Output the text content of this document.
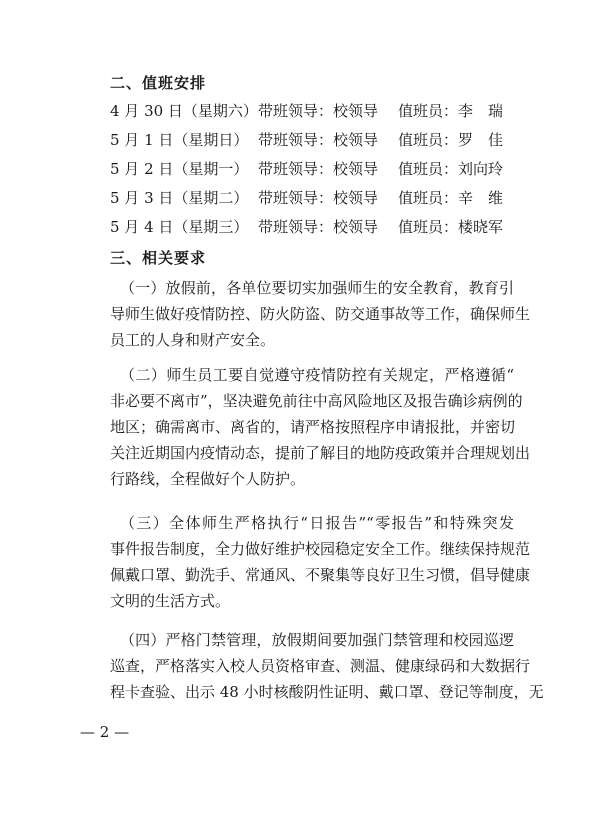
二、值班安排
4 月 30 日（星期六） 带班领导：校领导 值班员：李　瑞
5 月 1 日（星期日） 带班领导：校领导 值班员：罗　佳
5 月 2 日（星期一） 带班领导：校领导 值班员：刘向玲
5 月 3 日（星期二） 带班领导：校领导 值班员：辛　维
5 月 4 日（星期三） 带班领导：校领导 值班员：楼晓军
三、相关要求
（一）放假前，各单位要切实加强师生的安全教育，教育引
导师生做好疫情防控、防火防盗、防交通事故等工作，确保师生
员工的人身和财产安全。
（二）师生员工要自觉遵守疫情防控有关规定，严格遵循“
非必要不离市”，坚决避免前往中高风险地区及报告确诊病例的
地区；确需离市、离省的，请严格按照程序申请报批，并密切
关注近期国内疫情动态，提前了解目的地防疫政策并合理规划出
行路线，全程做好个人防护。
（三）全体师生严格执行“日报告”“零报告”和特殊突发
事件报告制度，全力做好维护校园稳定安全工作。继续保持规范
佩戴口罩、勤洗手、常通风、不聚集等良好卫生习惯，倡导健康
文明的生活方式。
（四）严格门禁管理，放假期间要加强门禁管理和校园巡逻
巡查，严格落实入校人员资格审查、测温、健康绿码和大数据行
程卡查验、出示 48 小时核酸阴性证明、戴口罩、登记等制度，无
— 2 —
